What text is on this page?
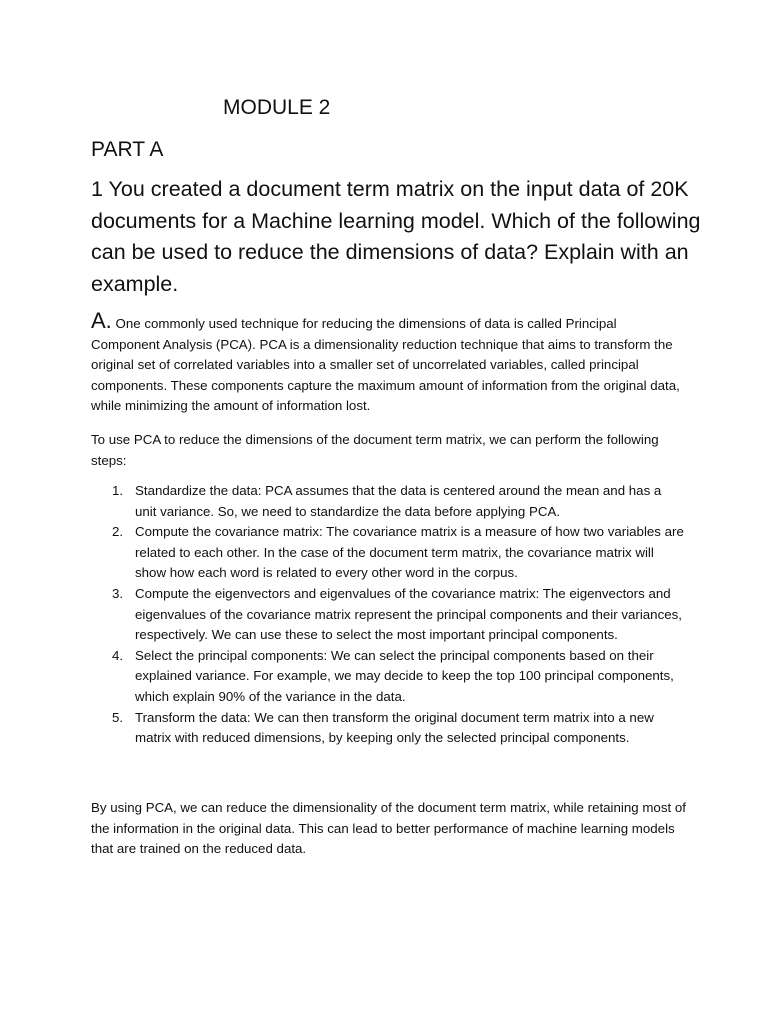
MODULE 2
PART A
1 You created a document term matrix on the input data of 20K documents for a Machine learning model. Which of the following can be used to reduce the dimensions of data? Explain with an example.
A. One commonly used technique for reducing the dimensions of data is called Principal Component Analysis (PCA). PCA is a dimensionality reduction technique that aims to transform the original set of correlated variables into a smaller set of uncorrelated variables, called principal components. These components capture the maximum amount of information from the original data, while minimizing the amount of information lost.
To use PCA to reduce the dimensions of the document term matrix, we can perform the following steps:
1. Standardize the data: PCA assumes that the data is centered around the mean and has a unit variance. So, we need to standardize the data before applying PCA.
2. Compute the covariance matrix: The covariance matrix is a measure of how two variables are related to each other. In the case of the document term matrix, the covariance matrix will show how each word is related to every other word in the corpus.
3. Compute the eigenvectors and eigenvalues of the covariance matrix: The eigenvectors and eigenvalues of the covariance matrix represent the principal components and their variances, respectively. We can use these to select the most important principal components.
4. Select the principal components: We can select the principal components based on their explained variance. For example, we may decide to keep the top 100 principal components, which explain 90% of the variance in the data.
5. Transform the data: We can then transform the original document term matrix into a new matrix with reduced dimensions, by keeping only the selected principal components.
By using PCA, we can reduce the dimensionality of the document term matrix, while retaining most of the information in the original data. This can lead to better performance of machine learning models that are trained on the reduced data.
